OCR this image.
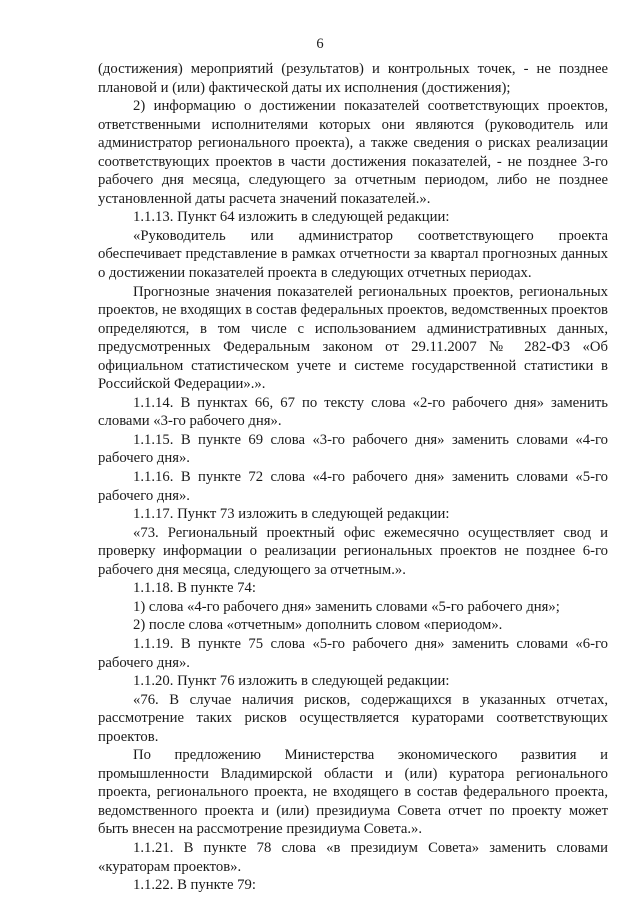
6

(достижения) мероприятий (результатов) и контрольных точек, - не позднее плановой и (или) фактической даты их исполнения (достижения);

2) информацию о достижении показателей соответствующих проектов, ответственными исполнителями которых они являются (руководитель или администратор регионального проекта), а также сведения о рисках реализации соответствующих проектов в части достижения показателей, - не позднее 3-го рабочего дня месяца, следующего за отчетным периодом, либо не позднее установленной даты расчета значений показателей.».

1.1.13. Пункт 64 изложить в следующей редакции:

«Руководитель или администратор соответствующего проекта обеспечивает представление в рамках отчетности за квартал прогнозных данных о достижении показателей проекта в следующих отчетных периодах.

Прогнозные значения показателей региональных проектов, региональных проектов, не входящих в состав федеральных проектов, ведомственных проектов определяются, в том числе с использованием административных данных, предусмотренных Федеральным законом от 29.11.2007 № 282-ФЗ «Об официальном статистическом учете и системе государственной статистики в Российской Федерации».».

1.1.14. В пунктах 66, 67 по тексту слова «2-го рабочего дня» заменить словами «3-го рабочего дня».

1.1.15. В пункте 69 слова «3-го рабочего дня» заменить словами «4-го рабочего дня».

1.1.16. В пункте 72 слова «4-го рабочего дня» заменить словами «5-го рабочего дня».

1.1.17. Пункт 73 изложить в следующей редакции:

«73. Региональный проектный офис ежемесячно осуществляет свод и проверку информации о реализации региональных проектов не позднее 6-го рабочего дня месяца, следующего за отчетным.».

1.1.18. В пункте 74:

1) слова «4-го рабочего дня» заменить словами «5-го рабочего дня»;

2) после слова «отчетным» дополнить словом «периодом».

1.1.19. В пункте 75 слова «5-го рабочего дня» заменить словами «6-го рабочего дня».

1.1.20. Пункт 76 изложить в следующей редакции:

«76. В случае наличия рисков, содержащихся в указанных отчетах, рассмотрение таких рисков осуществляется кураторами соответствующих проектов.

По предложению Министерства экономического развития и промышленности Владимирской области и (или) куратора регионального проекта, регионального проекта, не входящего в состав федерального проекта, ведомственного проекта и (или) президиума Совета отчет по проекту может быть внесен на рассмотрение президиума Совета.».

1.1.21. В пункте 78 слова «в президиум Совета» заменить словами «кураторам проектов».

1.1.22. В пункте 79:
